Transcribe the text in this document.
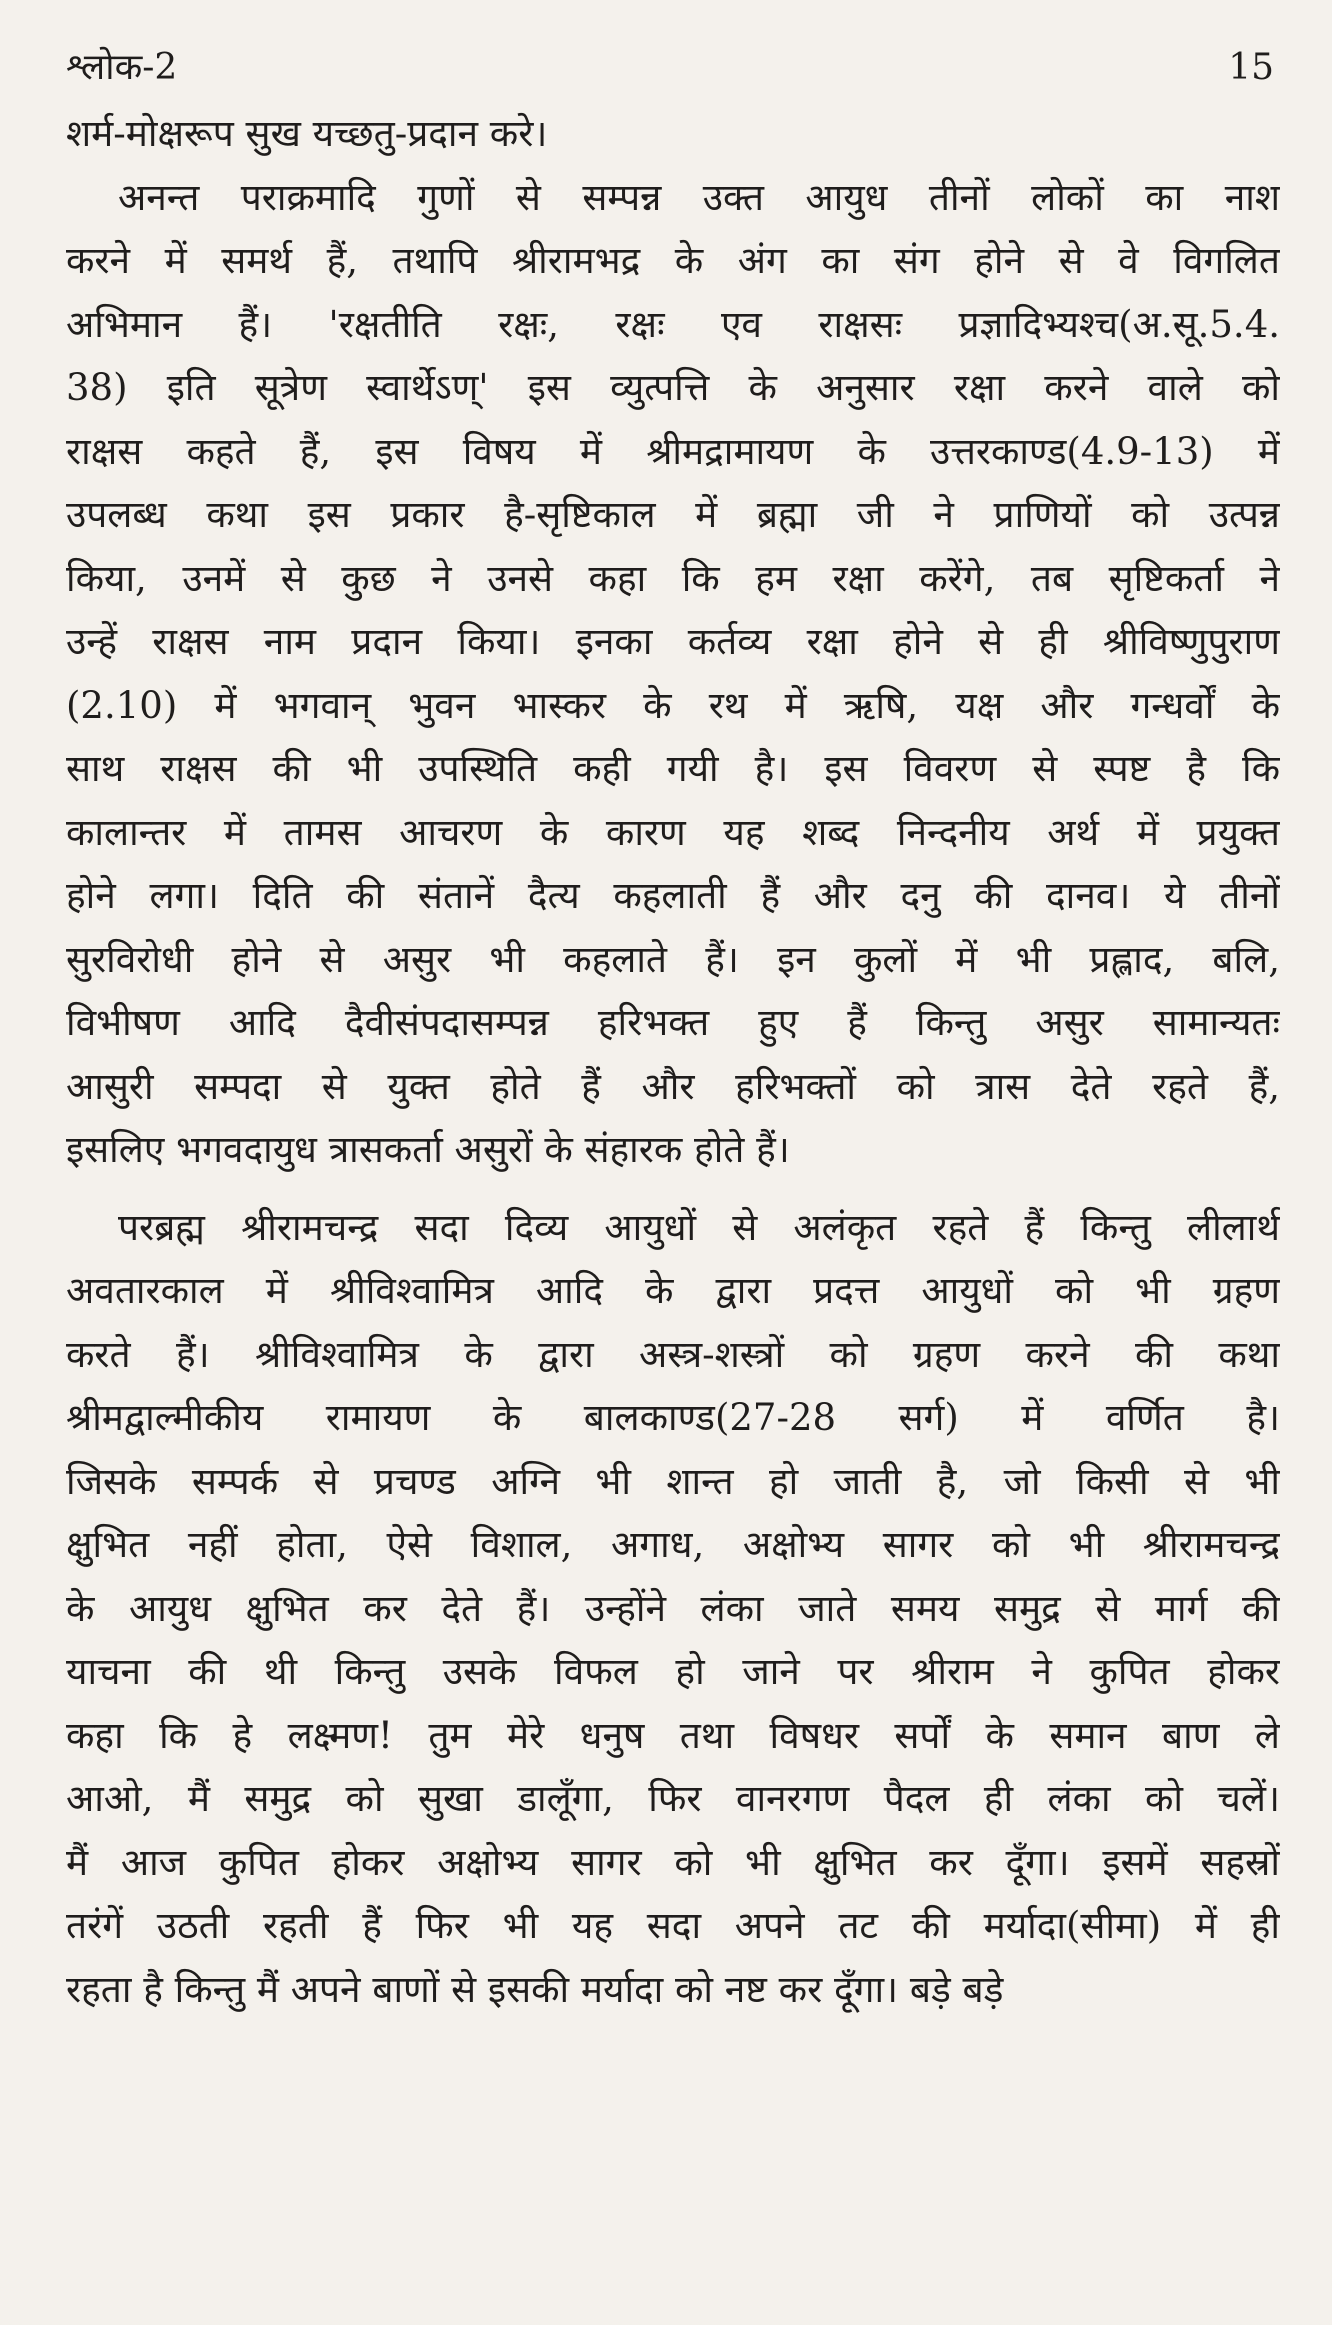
श्लोक-2	15
शर्म-मोक्षरूप सुख यच्छतु-प्रदान करे।
अनन्त पराक्रमादि गुणों से सम्पन्न उक्त आयुध तीनों लोकों का नाश
करने में समर्थ हैं, तथापि श्रीरामभद्र के अंग का संग होने से वे विगलित
अभिमान हैं। 'रक्षतीति रक्षः, रक्षः एव राक्षसः प्रज्ञादिभ्यश्च(अ.सू.5.4.
38) इति सूत्रेण स्वार्थेऽण्' इस व्युत्पत्ति के अनुसार रक्षा करने वाले को
राक्षस कहते हैं, इस विषय में श्रीमद्रामायण के उत्तरकाण्ड(4.9-13) में
उपलब्ध कथा इस प्रकार है-सृष्टिकाल में ब्रह्मा जी ने प्राणियों को उत्पन्न
किया, उनमें से कुछ ने उनसे कहा कि हम रक्षा करेंगे, तब सृष्टिकर्ता ने
उन्हें राक्षस नाम प्रदान किया। इनका कर्तव्य रक्षा होने से ही श्रीविष्णुपुराण
(2.10) में भगवान् भुवन भास्कर के रथ में ऋषि, यक्ष और गन्धर्वों के
साथ राक्षस की भी उपस्थिति कही गयी है। इस विवरण से स्पष्ट है कि
कालान्तर में तामस आचरण के कारण यह शब्द निन्दनीय अर्थ में प्रयुक्त
होने लगा। दिति की संतानें दैत्य कहलाती हैं और दनु की दानव। ये तीनों
सुरविरोधी होने से असुर भी कहलाते हैं। इन कुलों में भी प्रह्लाद, बलि,
विभीषण आदि दैवीसंपदासम्पन्न हरिभक्त हुए हैं किन्तु असुर सामान्यतः
आसुरी सम्पदा से युक्त होते हैं और हरिभक्तों को त्रास देते रहते हैं,
इसलिए भगवदायुध त्रासकर्ता असुरों के संहारक होते हैं।
परब्रह्म श्रीरामचन्द्र सदा दिव्य आयुधों से अलंकृत रहते हैं किन्तु लीलार्थ
अवतारकाल में श्रीविश्वामित्र आदि के द्वारा प्रदत्त आयुधों को भी ग्रहण
करते हैं। श्रीविश्वामित्र के द्वारा अस्त्र-शस्त्रों को ग्रहण करने की कथा
श्रीमद्वाल्मीकीय रामायण के बालकाण्ड(27-28 सर्ग) में वर्णित है।
जिसके सम्पर्क से प्रचण्ड अग्नि भी शान्त हो जाती है, जो किसी से भी
क्षुभित नहीं होता, ऐसे विशाल, अगाध, अक्षोभ्य सागर को भी श्रीरामचन्द्र
के आयुध क्षुभित कर देते हैं। उन्होंने लंका जाते समय समुद्र से मार्ग की
याचना की थी किन्तु उसके विफल हो जाने पर श्रीराम ने कुपित होकर
कहा कि हे लक्ष्मण! तुम मेरे धनुष तथा विषधर सर्पों के समान बाण ले
आओ, मैं समुद्र को सुखा डालूँगा, फिर वानरगण पैदल ही लंका को चलें।
मैं आज कुपित होकर अक्षोभ्य सागर को भी क्षुभित कर दूँगा। इसमें सहस्रों
तरंगें उठती रहती हैं फिर भी यह सदा अपने तट की मर्यादा(सीमा) में ही
रहता है किन्तु मैं अपने बाणों से इसकी मर्यादा को नष्ट कर दूँगा। बड़े बड़े
